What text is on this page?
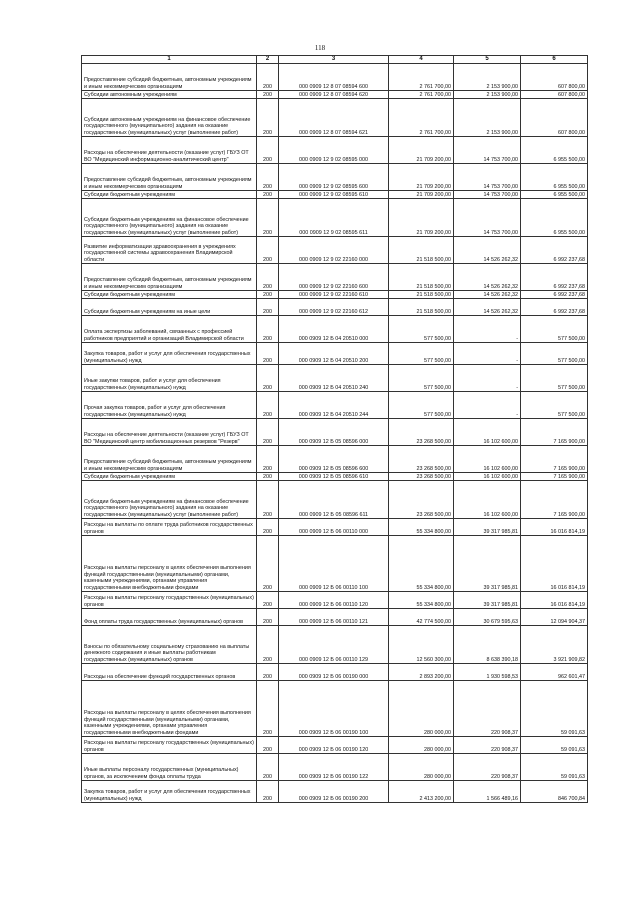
118
1	2	3	4	5	6
Предоставление субсидий бюджетным, автономным учреждениям и иным некоммерческим организациям	200	000 0909 12 8 07 08594 600	2 761 700,00	2 153 900,00	607 800,00
Субсидии автономным учреждениям	200	000 0909 12 8 07 08594 620	2 761 700,00	2 153 900,00	607 800,00
Субсидии автономным учреждениям на финансовое обеспечение государственного (муниципального) задания на оказание государственных (муниципальных) услуг (выполнение работ)	200	000 0909 12 8 07 08594 621	2 761 700,00	2 153 900,00	607 800,00
Расходы на обеспечение деятельности (оказание услуг) ГБУЗ ОТ ВО "Медицинский информационно-аналитический центр"	200	000 0909 12 9 02 08595 000	21 709 200,00	14 753 700,00	6 955 500,00
Предоставление субсидий бюджетным, автономным учреждениям и иным некоммерческим организациям	200	000 0909 12 9 02 08595 600	21 709 200,00	14 753 700,00	6 955 500,00
Субсидии бюджетным учреждениям	200	000 0909 12 9 02 08595 610	21 709 200,00	14 753 700,00	6 955 500,00
Субсидии бюджетным учреждениям на финансовое обеспечение государственного (муниципального) задания на оказание государственных (муниципальных) услуг (выполнение работ)	200	000 0909 12 9 02 08595 611	21 709 200,00	14 753 700,00	6 955 500,00
Развитие информатизации здравоохранения в учреждениях государственной системы здравоохранения Владимирской области	200	000 0909 12 9 02 22160 000	21 518 500,00	14 526 262,32	6 992 237,68
Предоставление субсидий бюджетным, автономным учреждениям и иным некоммерческим организациям	200	000 0909 12 9 02 22160 600	21 518 500,00	14 526 262,32	6 992 237,68
Субсидии бюджетным учреждениям	200	000 0909 12 9 02 22160 610	21 518 500,00	14 526 262,32	6 992 237,68
Субсидии бюджетным учреждениям на иные цели	200	000 0909 12 9 02 22160 612	21 518 500,00	14 526 262,32	6 992 237,68
Оплата экспертизы заболеваний, связанных с профессией работников предприятий и организаций Владимирской области	200	000 0909 12 Б 04 20510 000	577 500,00	-	577 500,00
Закупка товаров, работ и услуг для обеспечения государственных (муниципальных) нужд	200	000 0909 12 Б 04 20510 200	577 500,00	-	577 500,00
Иные закупки товаров, работ и услуг для обеспечения государственных (муниципальных) нужд	200	000 0909 12 Б 04 20510 240	577 500,00	-	577 500,00
Прочая закупка товаров, работ и услуг для обеспечения государственных (муниципальных) нужд	200	000 0909 12 Б 04 20510 244	577 500,00	-	577 500,00
Расходы на обеспечение деятельности (оказание услуг) ГБУЗ ОТ ВО "Медицинский центр мобилизационных резервов "Резерв"	200	000 0909 12 Б 05 08596 000	23 268 500,00	16 102 600,00	7 165 900,00
Предоставление субсидий бюджетным, автономным учреждениям и иным некоммерческим организациям	200	000 0909 12 Б 05 08596 600	23 268 500,00	16 102 600,00	7 165 900,00
Субсидии бюджетным учреждениям	200	000 0909 12 Б 05 08596 610	23 268 500,00	16 102 600,00	7 165 900,00
Субсидии бюджетным учреждениям на финансовое обеспечение государственного (муниципального) задания на оказание государственных (муниципальных) услуг (выполнение работ)	200	000 0909 12 Б 05 08596 611	23 268 500,00	16 102 600,00	7 165 900,00
Расходы на выплаты по оплате труда работников государственных органов	200	000 0909 12 Б 06 00110 000	55 334 800,00	39 317 985,81	16 016 814,19
Расходы на выплаты персоналу в целях обеспечения выполнения функций государственными (муниципальными) органами, казенными учреждениями, органами управления государственными внебюджетными фондами	200	000 0909 12 Б 06 00110 100	55 334 800,00	39 317 985,81	16 016 814,19
Расходы на выплаты персоналу государственных (муниципальных) органов	200	000 0909 12 Б 06 00110 120	55 334 800,00	39 317 985,81	16 016 814,19
Фонд оплаты труда государственных (муниципальных) органов	200	000 0909 12 Б 06 00110 121	42 774 500,00	30 679 595,63	12 094 904,37
Взносы по обязательному социальному страхованию на выплаты денежного содержания и иные выплаты работникам государственных (муниципальных) органов	200	000 0909 12 Б 06 00110 129	12 560 300,00	8 638 390,18	3 921 909,82
Расходы на обеспечение функций государственных органов	200	000 0909 12 Б 06 00190 000	2 893 200,00	1 930 598,53	962 601,47
Расходы на выплаты персоналу в целях обеспечения выполнения функций государственными (муниципальными) органами, казенными учреждениями, органами управления государственными внебюджетными фондами	200	000 0909 12 Б 06 00190 100	280 000,00	220 908,37	59 091,63
Расходы на выплаты персоналу государственных (муниципальных) органов	200	000 0909 12 Б 06 00190 120	280 000,00	220 908,37	59 091,63
Иные выплаты персоналу государственных (муниципальных) органов, за исключением фонда оплаты труда	200	000 0909 12 Б 06 00190 122	280 000,00	220 908,37	59 091,63
Закупка товаров, работ и услуг для обеспечения государственных (муниципальных) нужд	200	000 0909 12 Б 06 00190 200	2 413 200,00	1 566 489,16	846 700,84
